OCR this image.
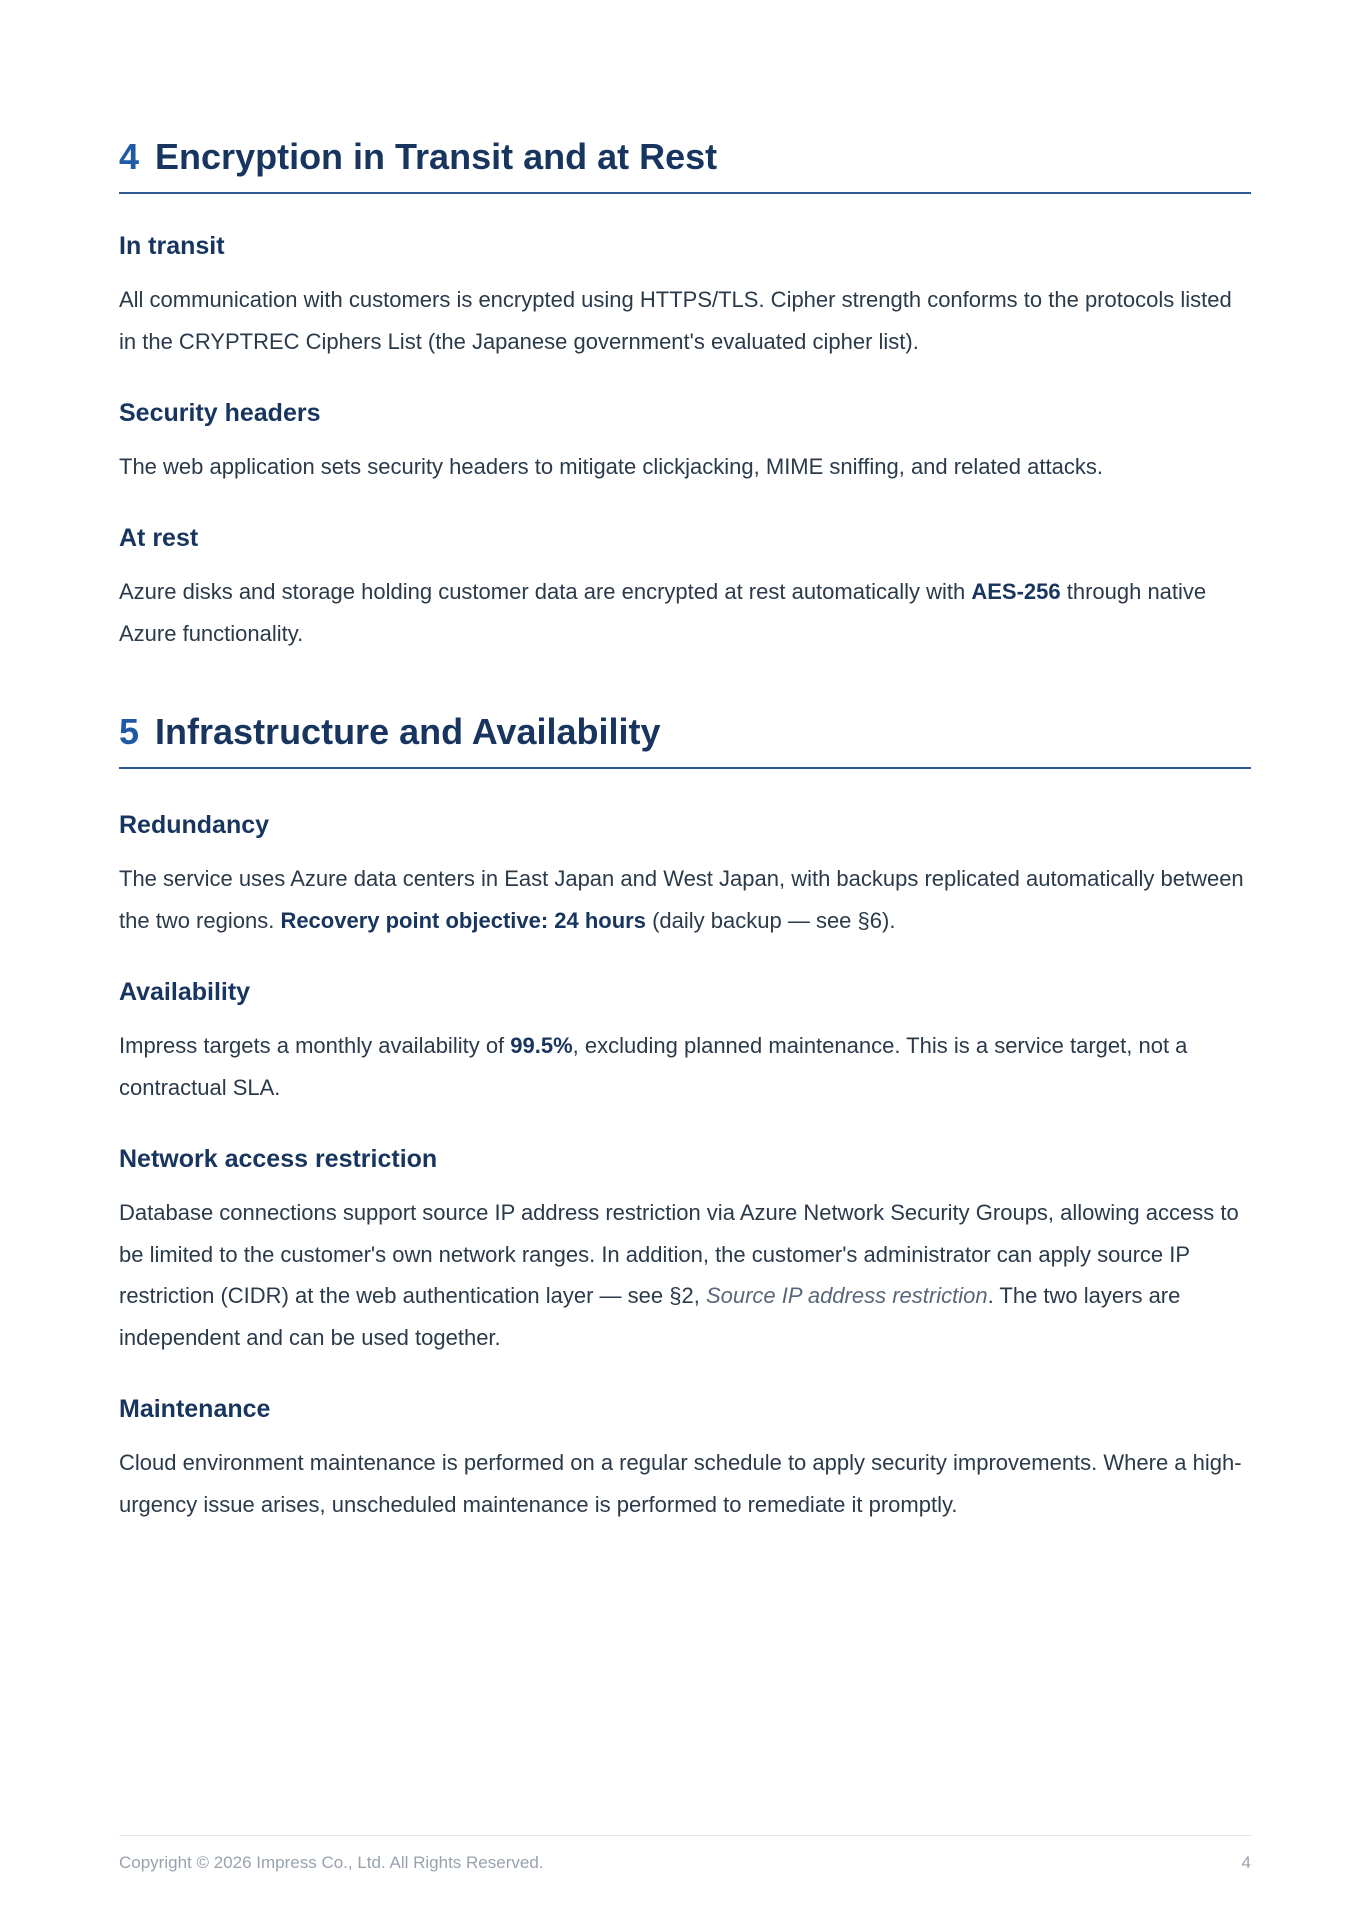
4 Encryption in Transit and at Rest
In transit

All communication with customers is encrypted using HTTPS/TLS. Cipher strength conforms to the protocols listed in the CRYPTREC Ciphers List (the Japanese government's evaluated cipher list).

Security headers

The web application sets security headers to mitigate clickjacking, MIME sniffing, and related attacks.

At rest

Azure disks and storage holding customer data are encrypted at rest automatically with AES-256 through native Azure functionality.

5 Infrastructure and Availability
Redundancy

The service uses Azure data centers in East Japan and West Japan, with backups replicated automatically between the two regions. Recovery point objective: 24 hours (daily backup — see §6).

Availability

Impress targets a monthly availability of 99.5%, excluding planned maintenance. This is a service target, not a contractual SLA.

Network access restriction

Database connections support source IP address restriction via Azure Network Security Groups, allowing access to be limited to the customer's own network ranges. In addition, the customer's administrator can apply source IP restriction (CIDR) at the web authentication layer — see §2, Source IP address restriction. The two layers are independent and can be used together.

Maintenance

Cloud environment maintenance is performed on a regular schedule to apply security improvements. Where a high-urgency issue arises, unscheduled maintenance is performed to remediate it promptly.

Copyright © 2026 Impress Co., Ltd. All Rights Reserved.	4
